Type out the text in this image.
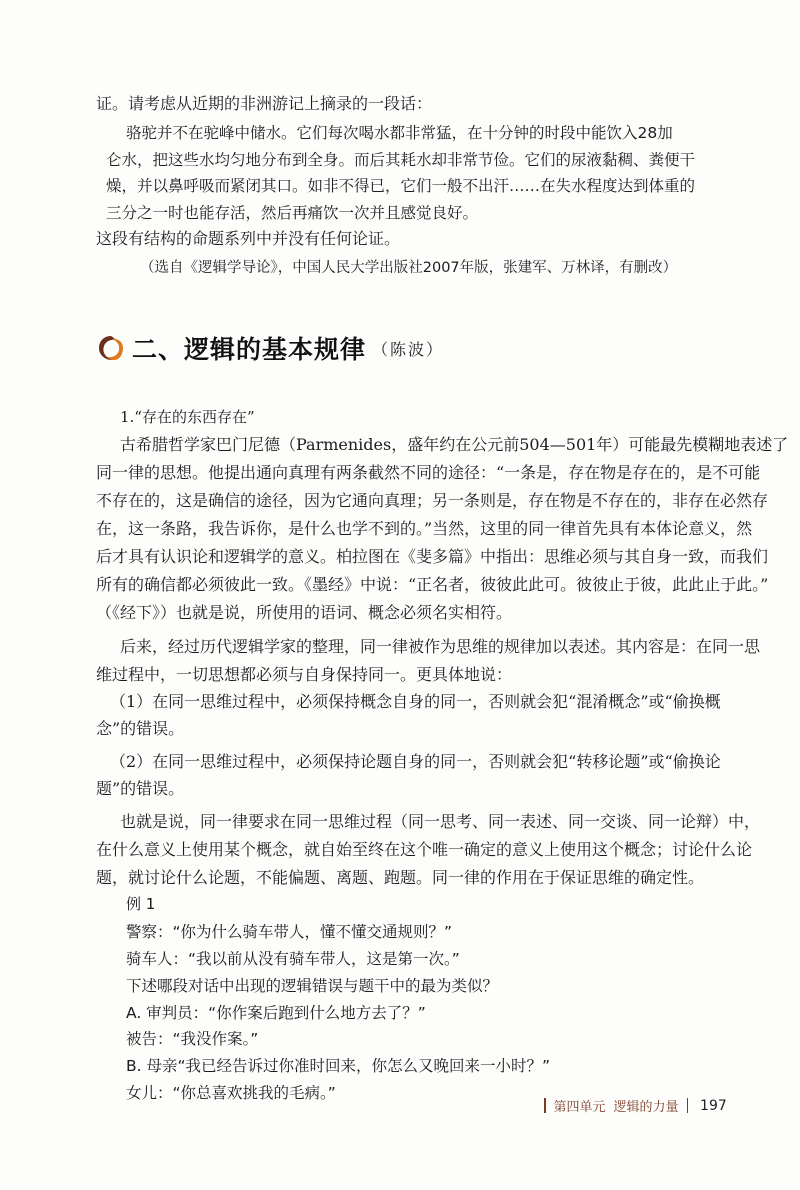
证。请考虑从近期的非洲游记上摘录的一段话：
骆驼并不在驼峰中储水。它们每次喝水都非常猛，在十分钟的时段中能饮入28加
仑水，把这些水均匀地分布到全身。而后其耗水却非常节俭。它们的尿液黏稠、粪便干
燥，并以鼻呼吸而紧闭其口。如非不得已，它们一般不出汗……在失水程度达到体重的
三分之一时也能存活，然后再痛饮一次并且感觉良好。
这段有结构的命题系列中并没有任何论证。
（选自《逻辑学导论》，中国人民大学出版社2007年版，张建军、万林译，有删改）
二、逻辑的基本规律 （陈波）
1.“存在的东西存在”
古希腊哲学家巴门尼德（Parmenides，盛年约在公元前504—501年）可能最先模糊地表述了
同一律的思想。他提出通向真理有两条截然不同的途径：“一条是，存在物是存在的，是不可能
不存在的，这是确信的途径，因为它通向真理；另一条则是，存在物是不存在的，非存在必然存
在，这一条路，我告诉你，是什么也学不到的。”当然，这里的同一律首先具有本体论意义，然
后才具有认识论和逻辑学的意义。柏拉图在《斐多篇》中指出：思维必须与其自身一致，而我们
所有的确信都必须彼此一致。《墨经》中说：“正名者，彼彼此此可。彼彼止于彼，此此止于此。”
（《经下》）也就是说，所使用的语词、概念必须名实相符。
后来，经过历代逻辑学家的整理，同一律被作为思维的规律加以表述。其内容是：在同一思
维过程中，一切思想都必须与自身保持同一。更具体地说：
（1）在同一思维过程中，必须保持概念自身的同一，否则就会犯“混淆概念”或“偷换概
念”的错误。
（2）在同一思维过程中，必须保持论题自身的同一，否则就会犯“转移论题”或“偷换论
题”的错误。
也就是说，同一律要求在同一思维过程（同一思考、同一表述、同一交谈、同一论辩）中，
在什么意义上使用某个概念，就自始至终在这个唯一确定的意义上使用这个概念；讨论什么论
题，就讨论什么论题，不能偏题、离题、跑题。同一律的作用在于保证思维的确定性。
例 1
警察：“你为什么骑车带人，懂不懂交通规则？”
骑车人：“我以前从没有骑车带人，这是第一次。”
下述哪段对话中出现的逻辑错误与题干中的最为类似？
A. 审判员：“你作案后跑到什么地方去了？”
被告：“我没作案。”
B. 母亲“我已经告诉过你准时回来，你怎么又晚回来一小时？”
女儿：“你总喜欢挑我的毛病。”
第四单元 逻辑的力量 197
